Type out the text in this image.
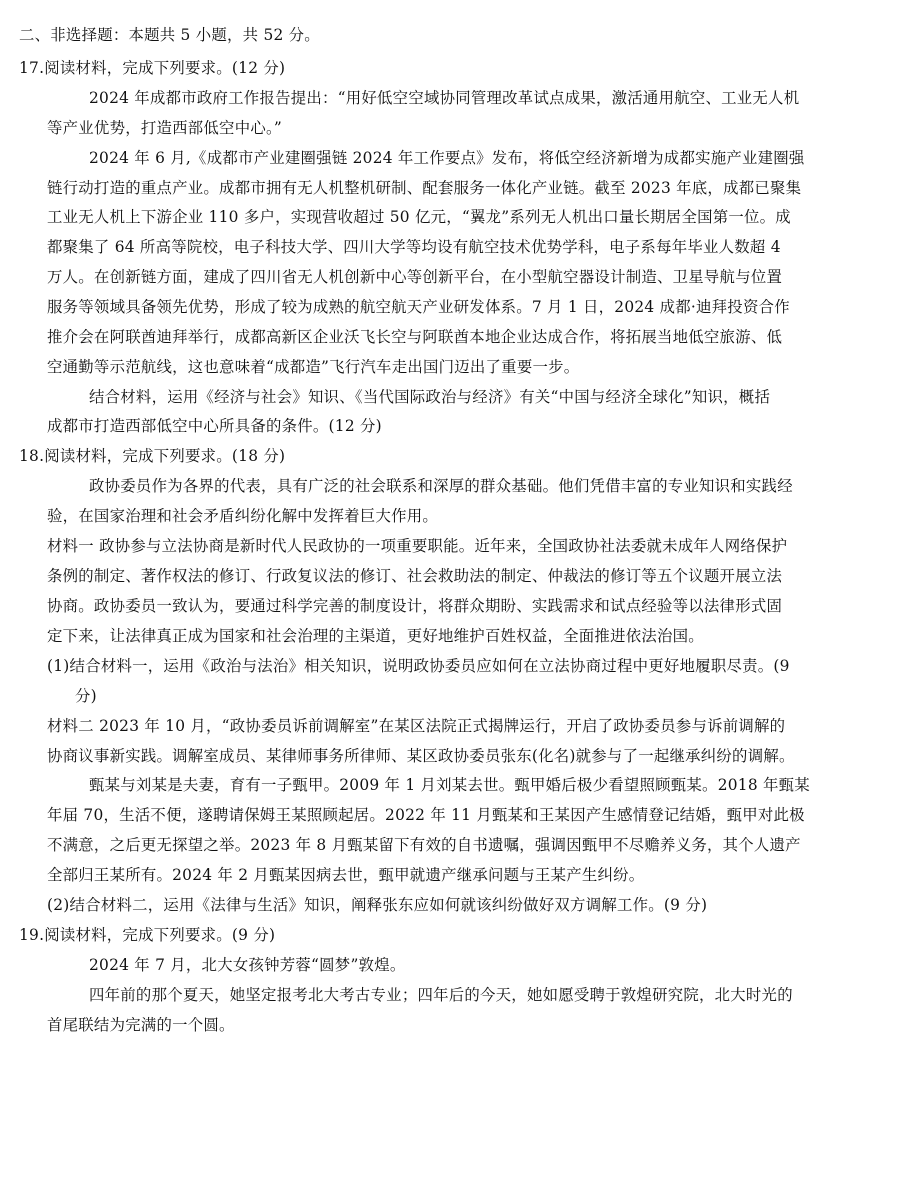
二、非选择题：本题共 5 小题，共 52 分。
17.阅读材料，完成下列要求。(12 分)
2024 年成都市政府工作报告提出：“用好低空空域协同管理改革试点成果，激活通用航空、工业无人机
等产业优势，打造西部低空中心。”
2024 年 6 月,《成都市产业建圈强链 2024 年工作要点》发布，将低空经济新增为成都实施产业建圈强
链行动打造的重点产业。成都市拥有无人机整机研制、配套服务一体化产业链。截至 2023 年底，成都已聚集
工业无人机上下游企业 110 多户，实现营收超过 50 亿元，“翼龙”系列无人机出口量长期居全国第一位。成
都聚集了 64 所高等院校，电子科技大学、四川大学等均设有航空技术优势学科，电子系每年毕业人数超 4
万人。在创新链方面，建成了四川省无人机创新中心等创新平台，在小型航空器设计制造、卫星导航与位置
服务等领域具备领先优势，形成了较为成熟的航空航天产业研发体系。7 月 1 日，2024 成都·迪拜投资合作
推介会在阿联酋迪拜举行，成都高新区企业沃飞长空与阿联酋本地企业达成合作，将拓展当地低空旅游、低
空通勤等示范航线，这也意味着“成都造”飞行汽车走出国门迈出了重要一步。
结合材料，运用《经济与社会》知识、《当代国际政治与经济》有关“中国与经济全球化”知识，概括
成都市打造西部低空中心所具备的条件。(12 分)
18.阅读材料，完成下列要求。(18 分)
政协委员作为各界的代表，具有广泛的社会联系和深厚的群众基础。他们凭借丰富的专业知识和实践经
验，在国家治理和社会矛盾纠纷化解中发挥着巨大作用。
材料一 政协参与立法协商是新时代人民政协的一项重要职能。近年来，全国政协社法委就未成年人网络保护
条例的制定、著作权法的修订、行政复议法的修订、社会救助法的制定、仲裁法的修订等五个议题开展立法
协商。政协委员一致认为，要通过科学完善的制度设计，将群众期盼、实践需求和试点经验等以法律形式固
定下来，让法律真正成为国家和社会治理的主渠道，更好地维护百姓权益，全面推进依法治国。
(1)结合材料一，运用《政治与法治》相关知识，说明政协委员应如何在立法协商过程中更好地履职尽责。(9
分)
材料二 2023 年 10 月，“政协委员诉前调解室”在某区法院正式揭牌运行，开启了政协委员参与诉前调解的
协商议事新实践。调解室成员、某律师事务所律师、某区政协委员张东(化名)就参与了一起继承纠纷的调解。
甄某与刘某是夫妻，育有一子甄甲。2009 年 1 月刘某去世。甄甲婚后极少看望照顾甄某。2018 年甄某
年届 70，生活不便，遂聘请保姆王某照顾起居。2022 年 11 月甄某和王某因产生感情登记结婚，甄甲对此极
不满意，之后更无探望之举。2023 年 8 月甄某留下有效的自书遗嘱，强调因甄甲不尽赡养义务，其个人遗产
全部归王某所有。2024 年 2 月甄某因病去世，甄甲就遗产继承问题与王某产生纠纷。
(2)结合材料二，运用《法律与生活》知识，阐释张东应如何就该纠纷做好双方调解工作。(9 分)
19.阅读材料，完成下列要求。(9 分)
2024 年 7 月，北大女孩钟芳蓉“圆梦”敦煌。
四年前的那个夏天，她坚定报考北大考古专业；四年后的今天，她如愿受聘于敦煌研究院，北大时光的
首尾联结为完满的一个圆。
